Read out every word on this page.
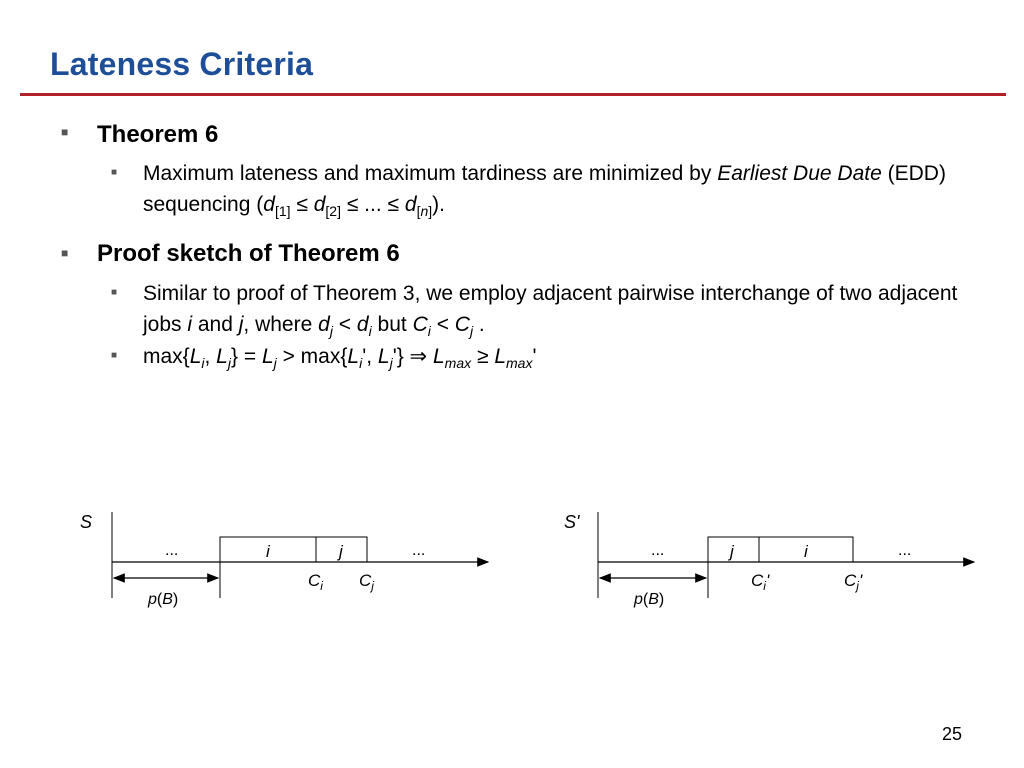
Lateness Criteria
■ Theorem 6
■ Maximum lateness and maximum tardiness are minimized by Earliest Due Date (EDD) sequencing ($d_{[1]} \le d_{[2]}$ ≤ ... ≤ $d_{[n]}$).
■ Proof sketch of Theorem 6
■ Similar to proof of Theorem 3, we employ adjacent pairwise interchange of two adjacent jobs i and j, where $d_j < d_i$ but $C_i < C_j$ .
■ $\max\{L_i$, $L_j\} = L_j > \max\{L_i'$, $L_j'$} ⇒ $L_{max} \ge L_{max}'$
S
...	i	j	...
$C_i$ $C_j$
p(B)
S'
...	j	i	...
$C_i'$	$C_j'$
p(B)
25
